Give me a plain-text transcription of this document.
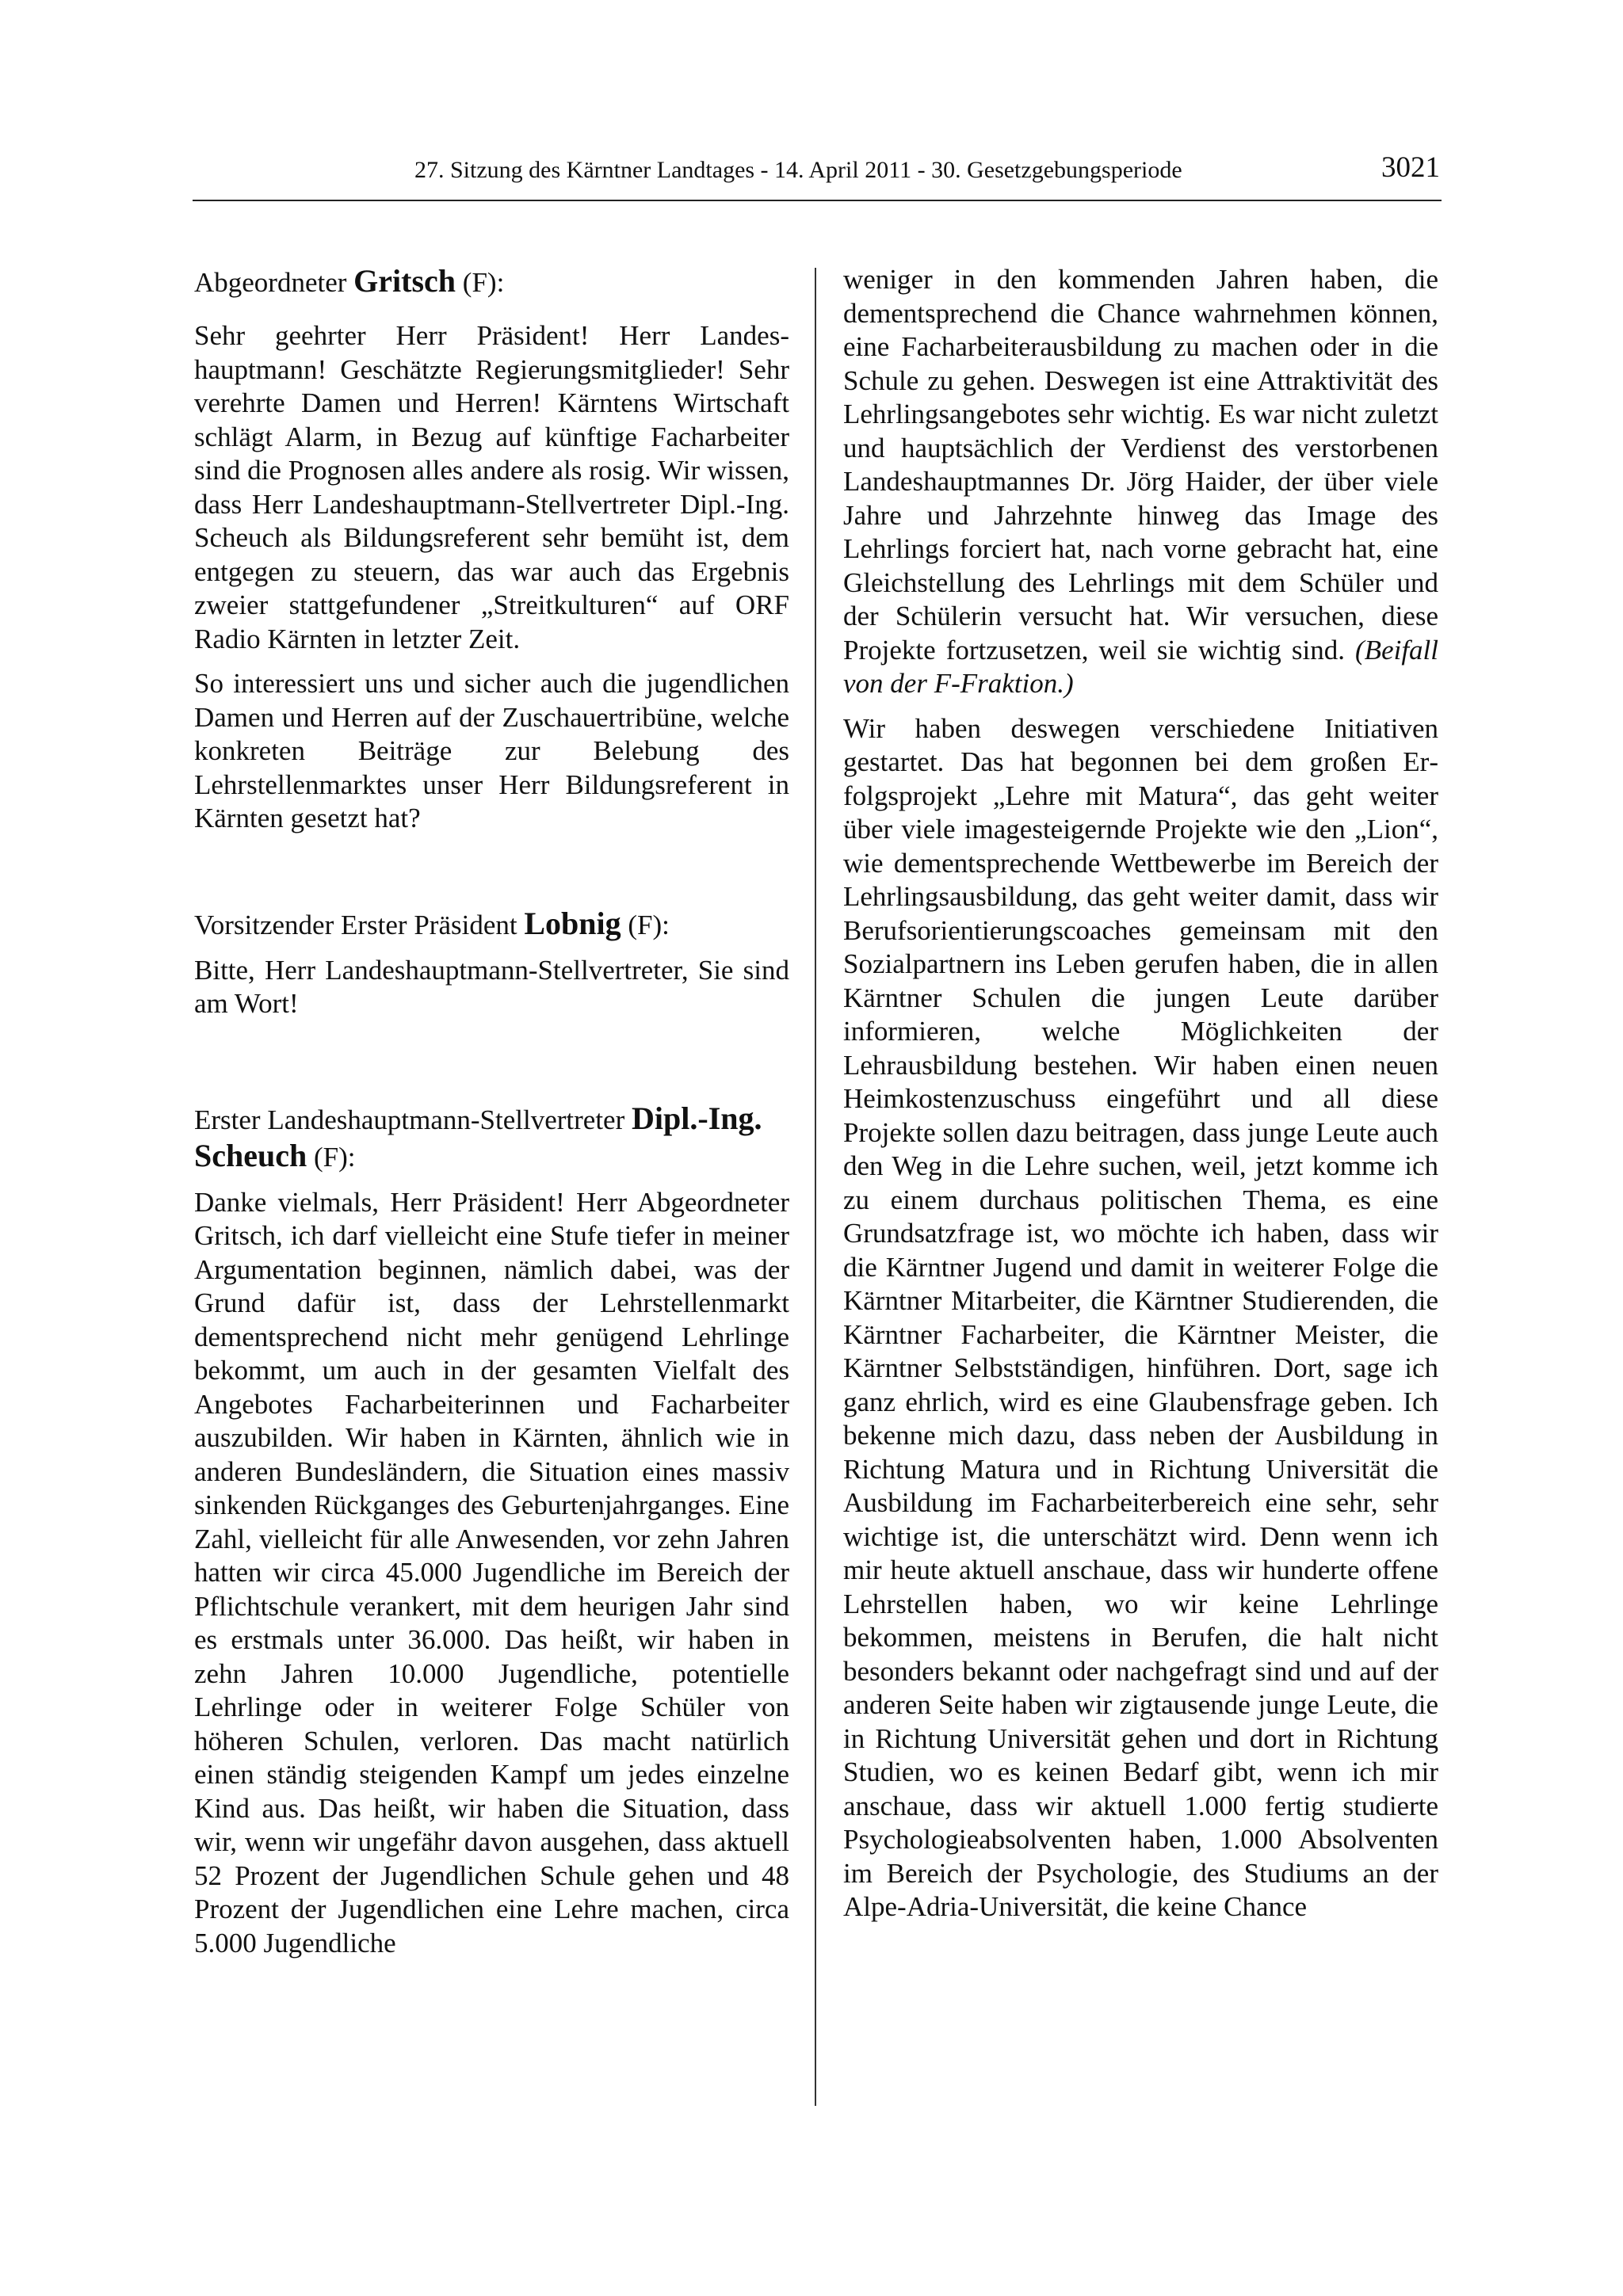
27. Sitzung des Kärntner Landtages - 14. April 2011 - 30. Gesetzgebungsperiode	3021
Abgeordneter Gritsch (F):

Sehr geehrter Herr Präsident! Herr Landeshauptmann! Geschätzte Regierungsmitglieder! Sehr verehrte Damen und Herren! Kärntens Wirtschaft schlägt Alarm, in Bezug auf künftige Facharbeiter sind die Prognosen alles andere als rosig. Wir wissen, dass Herr Landeshauptmann-Stellvertreter Dipl.-Ing. Scheuch als Bildungsreferent sehr bemüht ist, dem entgegen zu steuern, das war auch das Ergebnis zweier stattgefundener „Streitkulturen“ auf ORF Radio Kärnten in letzter Zeit.

So interessiert uns und sicher auch die jugendlichen Damen und Herren auf der Zuschauertribüne, welche konkreten Beiträge zur Belebung des Lehrstellenmarktes unser Herr Bildungsreferent in Kärnten gesetzt hat?

Vorsitzender Erster Präsident Lobnig (F):

Bitte, Herr Landeshauptmann-Stellvertreter, Sie sind am Wort!

Erster Landeshauptmann-Stellvertreter Dipl.-Ing. Scheuch (F):

Danke vielmals, Herr Präsident! Herr Abgeordneter Gritsch, ich darf vielleicht eine Stufe tiefer in meiner Argumentation beginnen, nämlich dabei, was der Grund dafür ist, dass der Lehrstellenmarkt dementsprechend nicht mehr genügend Lehrlinge bekommt, um auch in der gesamten Vielfalt des Angebotes Facharbeiterinnen und Facharbeiter auszubilden. Wir haben in Kärnten, ähnlich wie in anderen Bundesländern, die Situation eines massiv sinkenden Rückganges des Geburtenjahrganges. Eine Zahl, vielleicht für alle Anwesenden, vor zehn Jahren hatten wir circa 45.000 Jugendliche im Bereich der Pflichtschule verankert, mit dem heurigen Jahr sind es erstmals unter 36.000. Das heißt, wir haben in zehn Jahren 10.000 Jugendliche, potentielle Lehrlinge oder in weiterer Folge Schüler von höheren Schulen, verloren. Das macht natürlich einen ständig steigenden Kampf um jedes einzelne Kind aus. Das heißt, wir haben die Situation, dass wir, wenn wir ungefähr davon ausgehen, dass aktuell 52 Prozent der Jugendlichen Schule gehen und 48 Prozent der Jugendlichen eine Lehre machen, circa 5.000 Jugendliche

weniger in den kommenden Jahren haben, die dementsprechend die Chance wahrnehmen können, eine Facharbeiterausbildung zu machen oder in die Schule zu gehen. Deswegen ist eine Attraktivität des Lehrlingsangebotes sehr wichtig. Es war nicht zuletzt und hauptsächlich der Verdienst des verstorbenen Landeshauptmannes Dr. Jörg Haider, der über viele Jahre und Jahrzehnte hinweg das Image des Lehrlings forciert hat, nach vorne gebracht hat, eine Gleichstellung des Lehrlings mit dem Schüler und der Schülerin versucht hat. Wir versuchen, diese Projekte fortzusetzen, weil sie wichtig sind. (Beifall von der F-Fraktion.)

Wir haben deswegen verschiedene Initiativen gestartet. Das hat begonnen bei dem großen Erfolgsprojekt „Lehre mit Matura“, das geht weiter über viele imagesteigernde Projekte wie den „Lion“, wie dementsprechende Wettbewerbe im Bereich der Lehrlingsausbildung, das geht weiter damit, dass wir Berufsorientierungscoaches gemeinsam mit den Sozialpartnern ins Leben gerufen haben, die in allen Kärntner Schulen die jungen Leute darüber informieren, welche Möglichkeiten der Lehrausbildung bestehen. Wir haben einen neuen Heimkostenzuschuss eingeführt und all diese Projekte sollen dazu beitragen, dass junge Leute auch den Weg in die Lehre suchen, weil, jetzt komme ich zu einem durchaus politischen Thema, es eine Grundsatzfrage ist, wo möchte ich haben, dass wir die Kärntner Jugend und damit in weiterer Folge die Kärntner Mitarbeiter, die Kärntner Studierenden, die Kärntner Facharbeiter, die Kärntner Meister, die Kärntner Selbstständigen, hinführen. Dort, sage ich ganz ehrlich, wird es eine Glaubensfrage geben. Ich bekenne mich dazu, dass neben der Ausbildung in Richtung Matura und in Richtung Universität die Ausbildung im Facharbeiterbereich eine sehr, sehr wichtige ist, die unterschätzt wird. Denn wenn ich mir heute aktuell anschaue, dass wir hunderte offene Lehrstellen haben, wo wir keine Lehrlinge bekommen, meistens in Berufen, die halt nicht besonders bekannt oder nachgefragt sind und auf der anderen Seite haben wir zigtausende junge Leute, die in Richtung Universität gehen und dort in Richtung Studien, wo es keinen Bedarf gibt, wenn ich mir anschaue, dass wir aktuell 1.000 fertig studierte Psychologieabsolventen haben, 1.000 Absolventen im Bereich der Psychologie, des Studiums an der Alpe-Adria-Universität, die keine Chance
